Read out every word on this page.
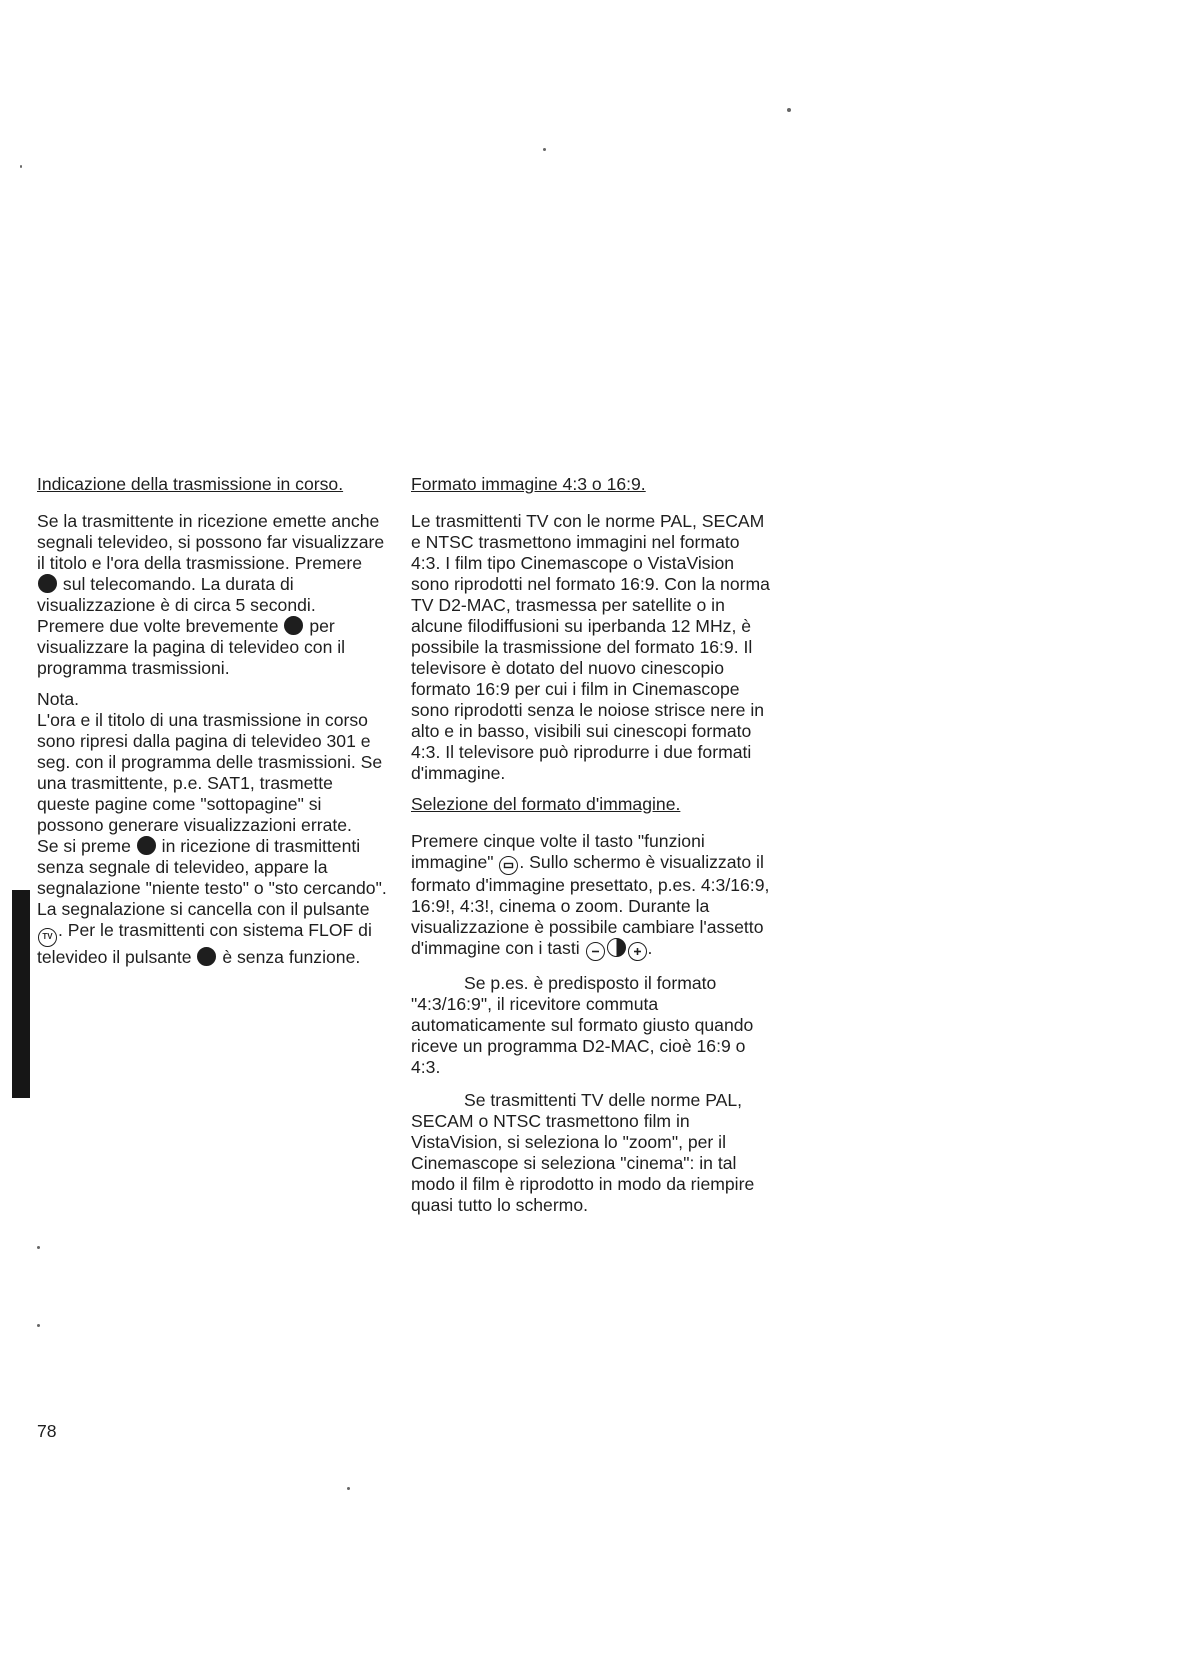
Indicazione della trasmissione in corso.

Se la trasmittente in ricezione emette anche segnali televideo, si possono far visualizzare il titolo e l'ora della trasmissione. Premere  sul telecomando. La durata di visualizzazione è di circa 5 secondi. Premere due volte brevemente per visualizzare la pagina di televideo con il programma trasmissioni.

Nota.

L'ora e il titolo di una trasmissione in corso sono ripresi dalla pagina di televideo 301 e seg. con il programma delle trasmissioni. Se una trasmittente, p.e. SAT1, trasmette queste pagine come "sottopagine" si possono generare visualizzazioni errate.

Se si preme in ricezione di trasmittenti senza segnale di televideo, appare la segnalazione "niente testo" o "sto cercando". La segnalazione si cancella con il pulsante
TV . Per le trasmittenti con sistema FLOF di televideo il pulsante è senza funzione.

Formato immagine 4:3 o 16:9.

Le trasmittenti TV con le norme PAL, SECAM e NTSC trasmettono immagini nel formato 4:3. I film tipo Cinemascope o VistaVision sono riprodotti nel formato 16:9. Con la norma TV D2-MAC, trasmessa per satellite o in alcune filodiffusioni su iperbanda 12 MHz, è possibile la trasmissione del formato 16:9. Il televisore è dotato del nuovo cinescopio formato 16:9 per cui i film in Cinemascope sono riprodotti senza le noiose strisce nere in alto e in basso, visibili sui cinescopi formato 4:3. Il televisore può riprodurre i due formati d'immagine.

Selezione del formato d'immagine.

Premere cinque volte il tasto "funzioni immagine" . Sullo schermo è visualizzato il formato d'immagine presettato, p.es. 4:3/16:9, 16:9!, 4:3!, cinema o zoom. Durante la visualizzazione è possibile cambiare l'assetto d'immagine con i tasti	.

Se p.es. è predisposto il formato "4:3/16:9", il ricevitore commuta automaticamente sul formato giusto quando riceve un programma D2-MAC, cioè 16:9 o 4:3.

Se trasmittenti TV delle norme PAL, SECAM o NTSC trasmettono film in VistaVision, si seleziona lo "zoom", per il Cinemascope si seleziona "cinema": in tal modo il film è riprodotto in modo da riempire quasi tutto lo schermo.

78
